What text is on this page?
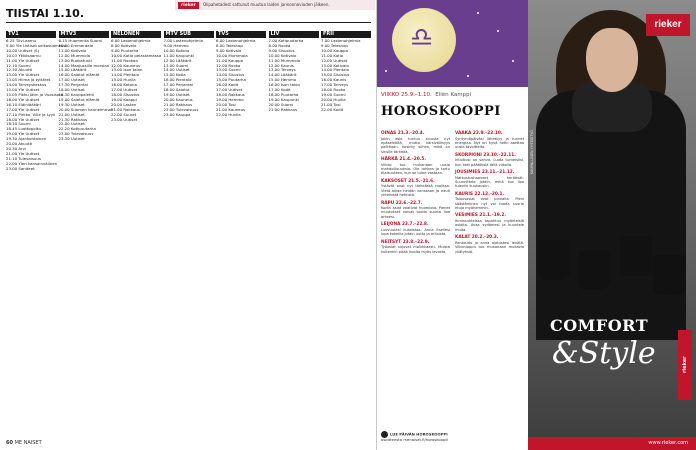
TIISTAI 1.10.
rieker Olipahetadest sattunut muutua laiden jannonnoviuden jälkeen.
TV1
6.25 Tiivi-aamu
9.00 Yle Uutiset selkosuomeksi
10.00 Uutiset (S)
10.03 Ykkösaamu
11.00 Yle Uutiset
12.10 Suomi
12.30 Akuutti
13.00 Yle Uutiset
13.05 Hilma ja tyttäret
14.00 Terveyskeskus
15.00 Yle Uutiset
15.05 Pikku Jätin ja Vuosisata
16.00 Yle Uutiset
16.10 Eläinlääkäri
17.00 Yle Uutiset
17.10 Pirkko, Ville ja Lyyli
18.00 Yle Uutiset
18.10 Suomi
18.45 Luottopolku
19.00 Yle Uutiset
19.30 Ajankohtainen
20.00 Akuutti
20.30 Arvi
21.00 Yle Uutiset
21.10 Tulevaisuus
22.00 Ylen kansainvälinen
23.00 Saniteet
MTV3
6.15 Huomenta Suomi
10.00 Emmerdale
11.00 Kotivalo
12.00 Mummola
13.00 Ruokatunti
14.00 Maajussille morsian
15.00 Lääkärit
16.00 Salatut elämät
17.00 Uutiset
17.30 Perjantai
18.00 Uutiset
18.30 Kauppalehti
19.00 Salatut elämät
19.30 Uutiset
20.00 Suomen kauneimmat
21.00 Uutiset
21.30 Rakkaus
22.00 Uutiset
22.20 Kotipuutarha
23.00 Tulevaisuus
23.30 Uutiset
NELONEN
6.00 Lastenohjelmia
8.00 Kotivalo
9.00 Puutarha
10.00 Kotia pelastamassa
11.00 Ruokaa
12.00 Kauneus
13.00 Ison talon
14.00 Pientalo
15.00 Huvila
16.00 Kotona
17.00 Uutiset
18.00 Sisustus
19.00 Kaappi
20.00 Lasten
21.00 Rakkaus
22.00 Suuret
23.00 Uutiset
MTV SUB
7.00 Lastenohjelmia
9.00 Hemmo
10.00 Kotona
11.00 Kaupunki
12.00 Lääkärit
13.00 Suomi
14.00 Uutiset
15.00 Kotia
16.00 Pientalo
17.00 Perjantai
18.00 Salatut
19.00 Uutiset
20.00 Kauneus
21.00 Rakkaus
22.00 Tulevaisuus
23.00 Kauppa
TV5
6.00 Lastenohjelmia
8.00 Teleshop
9.00 Kotivalo
10.00 Mummola
11.00 Kauppa
12.00 Ruoka
13.00 Suomi
14.00 Sisustus
15.00 Puutarha
16.00 Kodit
17.00 Uutiset
18.00 Rakkaus
19.00 Hemmo
20.00 Tosi
21.00 Kauneus
22.00 Huvila
LIV
7.00 Kotipuutarha
8.00 Ruoka
9.00 Sisustus
10.00 Kotivalo
11.00 Mummola
12.00 Kaunis
13.00 Terveys
14.00 Lääkärit
15.00 Hemmo
16.00 Ison talon
17.00 Kodit
18.00 Puutarha
19.00 Kaupunki
20.00 Suomi
21.00 Rakkaus
FRII
7.00 Lastenohjelmia
9.00 Teleshop
10.00 Kauppa
11.00 Kotia
12.00 Uutiset
13.00 Kotivalo
14.00 Pientalo
15.00 Sisustus
16.00 Kaunis
17.00 Terveys
18.00 Ruoka
19.00 Suomi
20.00 Huvila
21.00 Tosi
22.00 Kodit
60 ME NAISET
♎
VIIKKO 25.9.–1.10. Eliën Kamppi
HOROSKOOPPI
OINAS 21.3.–20.4.
Jokin asia tuntuu sinusta nyt epäselvältä, mutta kärsivällisyys palkitaan. Keskity siihen, mikä on sinulle tärkeää.
HÄRKÄ 21.4.–20.5.
Viikko tuo mukanaan uusia mahdollisuuksia. Ole rohkea ja tartu tilaisuuteen, kun se tulee vastaan.
KAKSOSET 21.5.–21.6.
Ystävät ovat nyt tärkeässä roolissa. Vietä aikaa heidän kanssaan ja nauti yhteisistä hetkistä.
RAPU 22.6.–22.7.
Kodin asiat vaativat huomiota. Pienet muutokset voivat tuoda suurta iloa arkeesi.
LEIJONA 23.7.–22.8.
Luovuutesi kukoistaa. Anna itsellesi lupa kokeilla jotain uutta ja erilaista.
NEITSYT 23.8.–22.9.
Työasiat sujuvat mallikkaasti. Muista kuitenkin pitää huolta myös levosta.
VAAKA 23.9.–22.10.
Syntymäpäiväsi lähestyy ja tunnet energiaa. Nyt on hyvä hetki asettaa uusia tavoitteita.
SKORPIONI 23.10.–22.11.
Intuitiosi on vahva. Luota tunteisiisi, kun teet päätöksiä tällä viikolla.
JOUSIMIES 23.11.–21.12.
Matkustushaaveet heräävät. Suunnittele jotain, mikä tuo iloa tuleviin kuukausiin.
KAURIS 22.12.–20.1.
Talousasiat ovat pinnalla. Pieni säästäminen nyt voi tuoda suuria etuja myöhemmin.
VESIMIES 21.1.–19.2.
Ihmissuhteissa tapahtuu myönteisiä asioita. Avaa sydämesi ja kuuntele muita.
KALAT 20.2.–20.3.
Rentoudu ja anna ajatustesi levätä. Viikonloppu tuo mukanaan mukavia yllätyksiä.
LUE PÄIVÄN HOROSKOOPPI
osoitteesta menaiset.fi/horoskoopit
rieker

KAUPALLINEN YHTEISTYÖ
COMFORT
&Style	rieker
www.rieker.com
